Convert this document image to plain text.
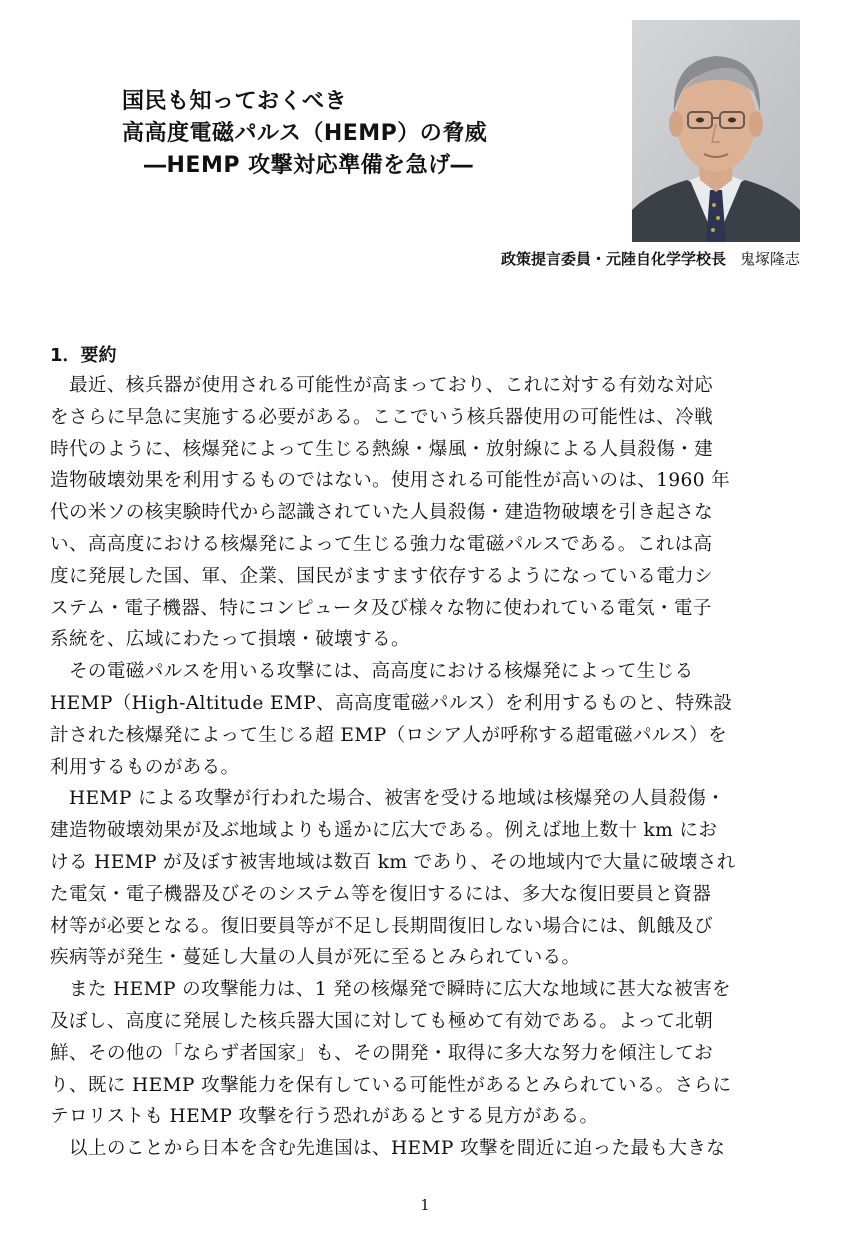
国民も知っておくべき
高高度電磁パルス（HEMP）の脅威
―HEMP 攻撃対応準備を急げ―
政策提言委員・元陸自化学学校長 鬼塚隆志
1．要約
　最近、核兵器が使用される可能性が高まっており、これに対する有効な対応
をさらに早急に実施する必要がある。ここでいう核兵器使用の可能性は、冷戦
時代のように、核爆発によって生じる熱線・爆風・放射線による人員殺傷・建
造物破壊効果を利用するものではない。使用される可能性が高いのは、1960 年
代の米ソの核実験時代から認識されていた人員殺傷・建造物破壊を引き起さな
い、高高度における核爆発によって生じる強力な電磁パルスである。これは高
度に発展した国、軍、企業、国民がますます依存するようになっている電力シ
ステム・電子機器、特にコンピュータ及び様々な物に使われている電気・電子
系統を、広域にわたって損壊・破壊する。
　その電磁パルスを用いる攻撃には、高高度における核爆発によって生じる
HEMP（High-Altitude EMP、高高度電磁パルス）を利用するものと、特殊設
計された核爆発によって生じる超 EMP（ロシア人が呼称する超電磁パルス）を
利用するものがある。
　HEMP による攻撃が行われた場合、被害を受ける地域は核爆発の人員殺傷・
建造物破壊効果が及ぶ地域よりも遥かに広大である。例えば地上数十 km にお
ける HEMP が及ぼす被害地域は数百 km であり、その地域内で大量に破壊され
た電気・電子機器及びそのシステム等を復旧するには、多大な復旧要員と資器
材等が必要となる。復旧要員等が不足し長期間復旧しない場合には、飢餓及び
疾病等が発生・蔓延し大量の人員が死に至るとみられている。
　また HEMP の攻撃能力は、1 発の核爆発で瞬時に広大な地域に甚大な被害を
及ぼし、高度に発展した核兵器大国に対しても極めて有効である。よって北朝
鮮、その他の「ならず者国家」も、その開発・取得に多大な努力を傾注してお
り、既に HEMP 攻撃能力を保有している可能性があるとみられている。さらに
テロリストも HEMP 攻撃を行う恐れがあるとする見方がある。
　以上のことから日本を含む先進国は、HEMP 攻撃を間近に迫った最も大きな
1
